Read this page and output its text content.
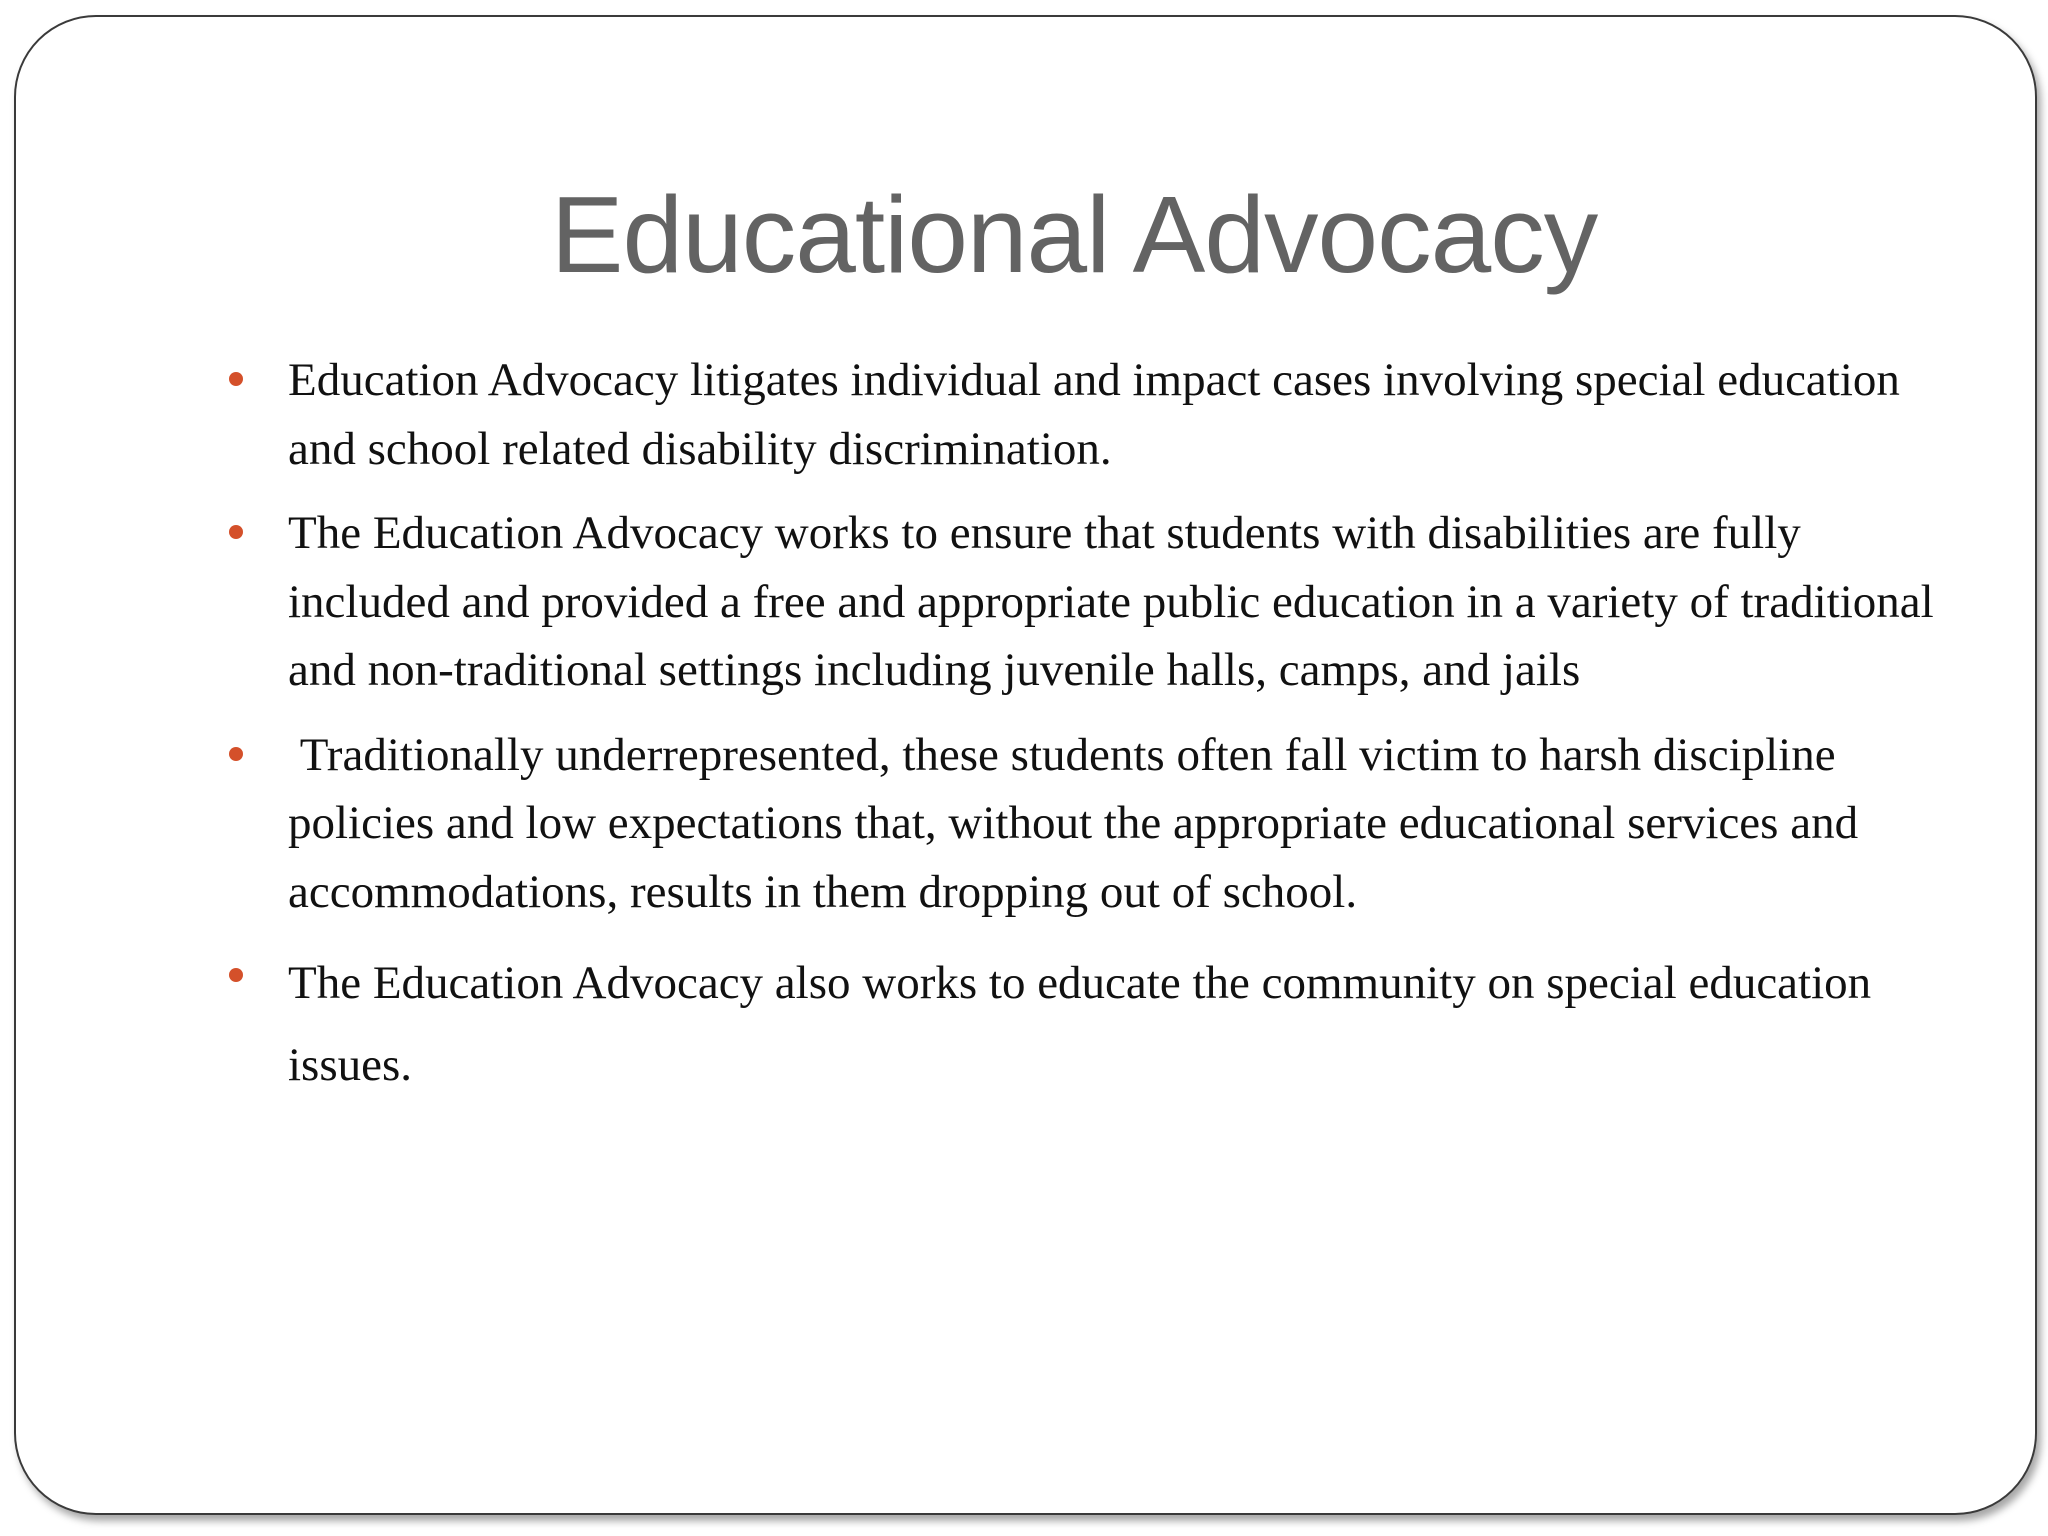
Educational Advocacy
Education Advocacy litigates individual and impact cases involving special education and school related disability discrimination.
The Education Advocacy works to ensure that students with disabilities are fully included and provided a free and appropriate public education in a variety of traditional and non-traditional settings including juvenile halls, camps, and jails
Traditionally underrepresented, these students often fall victim to harsh discipline policies and low expectations that, without the appropriate educational services and accommodations, results in them dropping out of school.
The Education Advocacy also works to educate the community on special education issues.
